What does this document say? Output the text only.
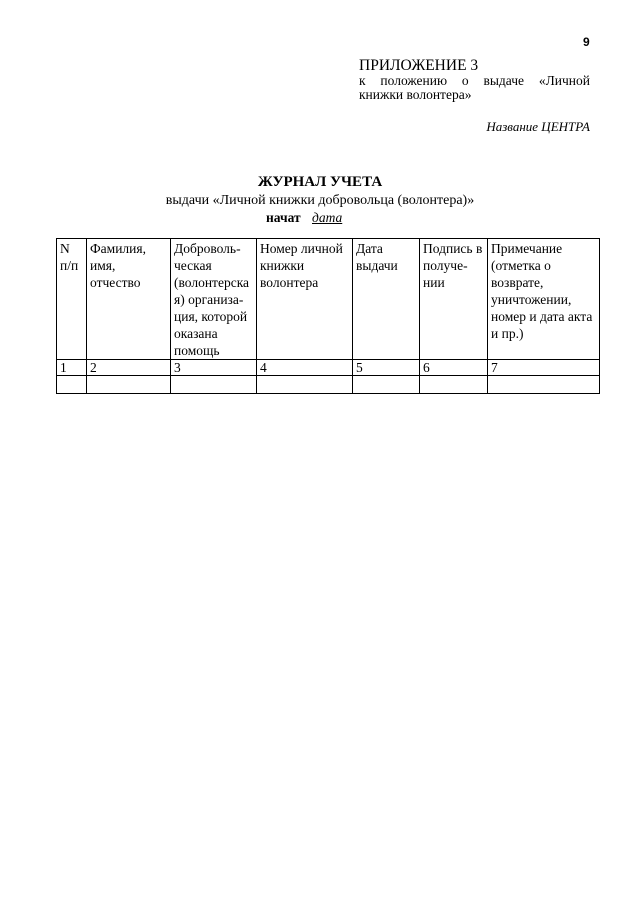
9
ПРИЛОЖЕНИЕ 3
к положению о выдаче «Личной
книжки волонтера»
Название ЦЕНТРА
ЖУРНАЛ УЧЕТА
выдачи «Личной книжки добровольца (волонтера)»
начат дата
N п/п	Фамилия, имя, отчество	Доброволь-ческая (волонтерская) организа-ция, которой оказана помощь	Номер личной книжки волонтера	Дата выдачи	Подпись в получе-нии	Примечание (отметка о возврате, уничтожении, номер и дата акта и пр.)
1	2	3	4	5	6	7
